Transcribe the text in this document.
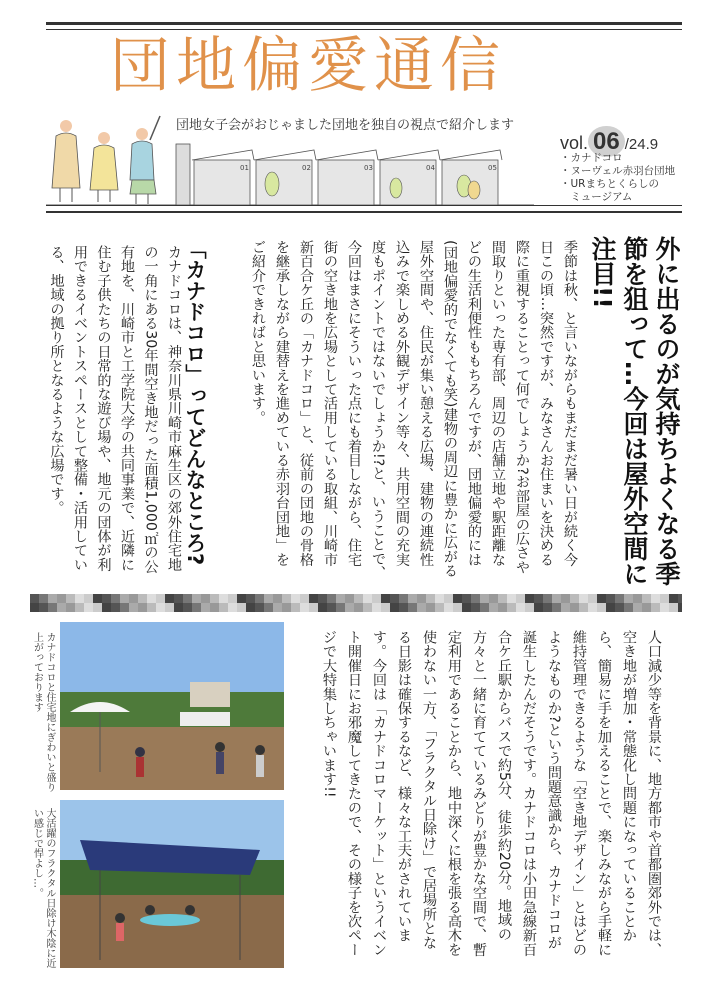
団地偏愛通信
団地女子会がおじゃました団地を独自の視点で紹介します
vol. 06 /24.9
・カナドコロ
・ヌーヴェル赤羽台団地
・URまちとくらしの
　ミュージアム
01	02	03	04	05
外に出るのが気持ちよくなる季節を狙って…今回は屋外空間に注目!!
季節は秋、と言いながらもまだまだ暑い日が続く今日この頃…突然ですが、みなさんお住まいを決める際に重視することって何でしょうか?お部屋の広さや間取りといった専有部、周辺の店舗立地や駅距離などの生活利便性ももちろんですが、団地偏愛的には(団地偏愛的でなくても笑)建物の周辺に豊かに広がる屋外空間や、住民が集い憩える広場、建物の連続性込みで楽しめる外観デザイン等々、共用空間の充実度もポイントではないでしょうか!?と、いうことで、今回はまさにそういった点にも着目しながら、住宅街の空き地を広場として活用している取組、川崎市新百合ケ丘の「カナドコロ」と、従前の団地の骨格を継承しながら建替えを進めている赤羽台団地」をご紹介できればと思います。
「カナドコロ」ってどんなところ?
カナドコロは、神奈川県川崎市麻生区の郊外住宅地の一角にある30年間空き地だった面積1,000㎡の公有地を、川崎市と工学院大学の共同事業で、近隣に住む子供たちの日常的な遊び場や、地元の団体が利用できるイベントスペースとして整備・活用している、地域の拠り所となるような広場です。
カナドコロと住宅地にぎわいと盛り上がっております
大活躍のフラクタル日除け木陰に近い感じで悍よし…。	人口減少等を背景に、地方都市や首都圏郊外では、空き地が増加・常態化し問題になっていることから、簡易に手を加えることで、楽しみながら手軽に維持管理できるような「空き地デザイン」とはどのようなものか?という問題意識から、カナドコロが誕生したんだそうです。カナドコロは小田急線新百合ケ丘駅からバスで約5分、徒歩約20分。地域の方々と一緒に育てているみどりが豊かな空間で、暫定利用であることから、地中深くに根を張る高木を使わない一方、「フラクタル日除け」で居場所となる日影は確保するなど、様々な工夫がされています。今回は「カナドコロマーケット」というイベント開催日にお邪魔してきたので、その様子を次ページで大特集しちゃいます!!
